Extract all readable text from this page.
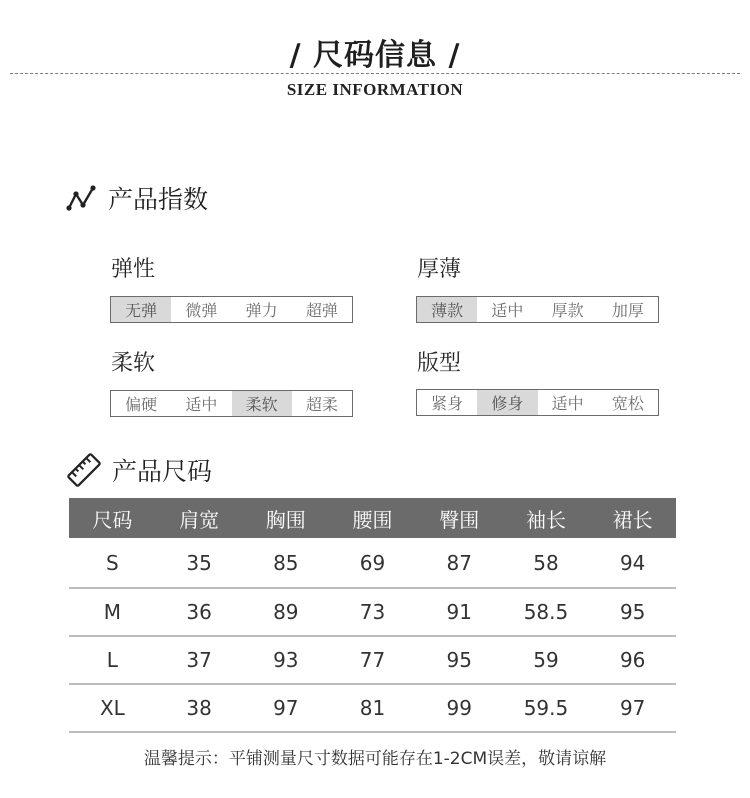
/ 尺码信息 /
SIZE INFORMATION
产品指数
弹性
无弹	微弹	弹力	超弹
厚薄
薄款	适中	厚款	加厚
柔软
偏硬	适中	柔软	超柔
版型
紧身	修身	适中	宽松
产品尺码
尺码	肩宽	胸围	腰围	臀围	袖长	裙长
S	35	85	69	87	58	94
M	36	89	73	91	58.5	95
L	37	93	77	95	59	96
XL	38	97	81	99	59.5	97
温馨提示：平铺测量尺寸数据可能存在1-2CM误差，敬请谅解
